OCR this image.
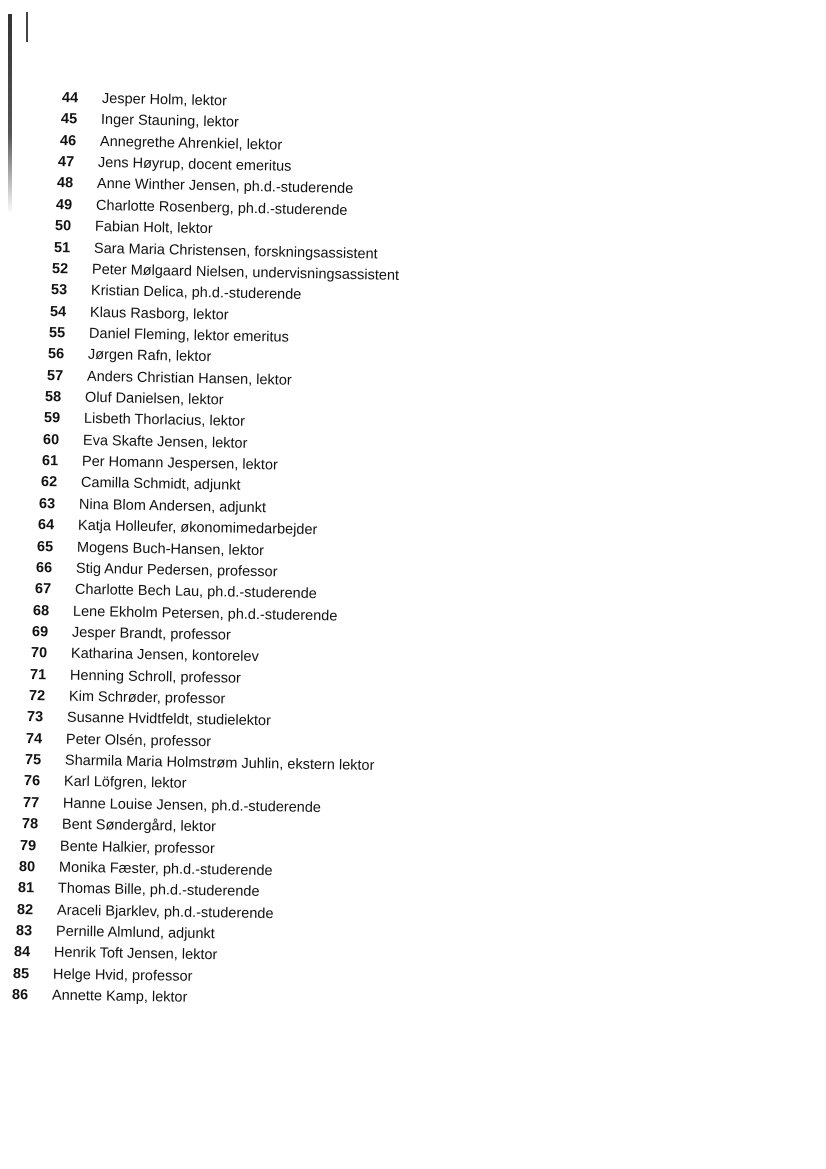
44 Jesper Holm, lektor
45 Inger Stauning, lektor
46 Annegrethe Ahrenkiel, lektor
47 Jens Høyrup, docent emeritus
48 Anne Winther Jensen, ph.d.-studerende
49 Charlotte Rosenberg, ph.d.-studerende
50 Fabian Holt, lektor
51 Sara Maria Christensen, forskningsassistent
52 Peter Mølgaard Nielsen, undervisningsassistent
53 Kristian Delica, ph.d.-studerende
54 Klaus Rasborg, lektor
55 Daniel Fleming, lektor emeritus
56 Jørgen Rafn, lektor
57 Anders Christian Hansen, lektor
58 Oluf Danielsen, lektor
59 Lisbeth Thorlacius, lektor
60 Eva Skafte Jensen, lektor
61 Per Homann Jespersen, lektor
62 Camilla Schmidt, adjunkt
63 Nina Blom Andersen, adjunkt
64 Katja Holleufer, økonomimedarbejder
65 Mogens Buch-Hansen, lektor
66 Stig Andur Pedersen, professor
67 Charlotte Bech Lau, ph.d.-studerende
68 Lene Ekholm Petersen, ph.d.-studerende
69 Jesper Brandt, professor
70 Katharina Jensen, kontorelev
71 Henning Schroll, professor
72 Kim Schrøder, professor
73 Susanne Hvidtfeldt, studielektor
74 Peter Olsén, professor
75 Sharmila Maria Holmstrøm Juhlin, ekstern lektor
76 Karl Löfgren, lektor
77 Hanne Louise Jensen, ph.d.-studerende
78 Bent Søndergård, lektor
79 Bente Halkier, professor
80 Monika Fæster, ph.d.-studerende
81 Thomas Bille, ph.d.-studerende
82 Araceli Bjarklev, ph.d.-studerende
83 Pernille Almlund, adjunkt
84 Henrik Toft Jensen, lektor
85 Helge Hvid, professor
86 Annette Kamp, lektor
